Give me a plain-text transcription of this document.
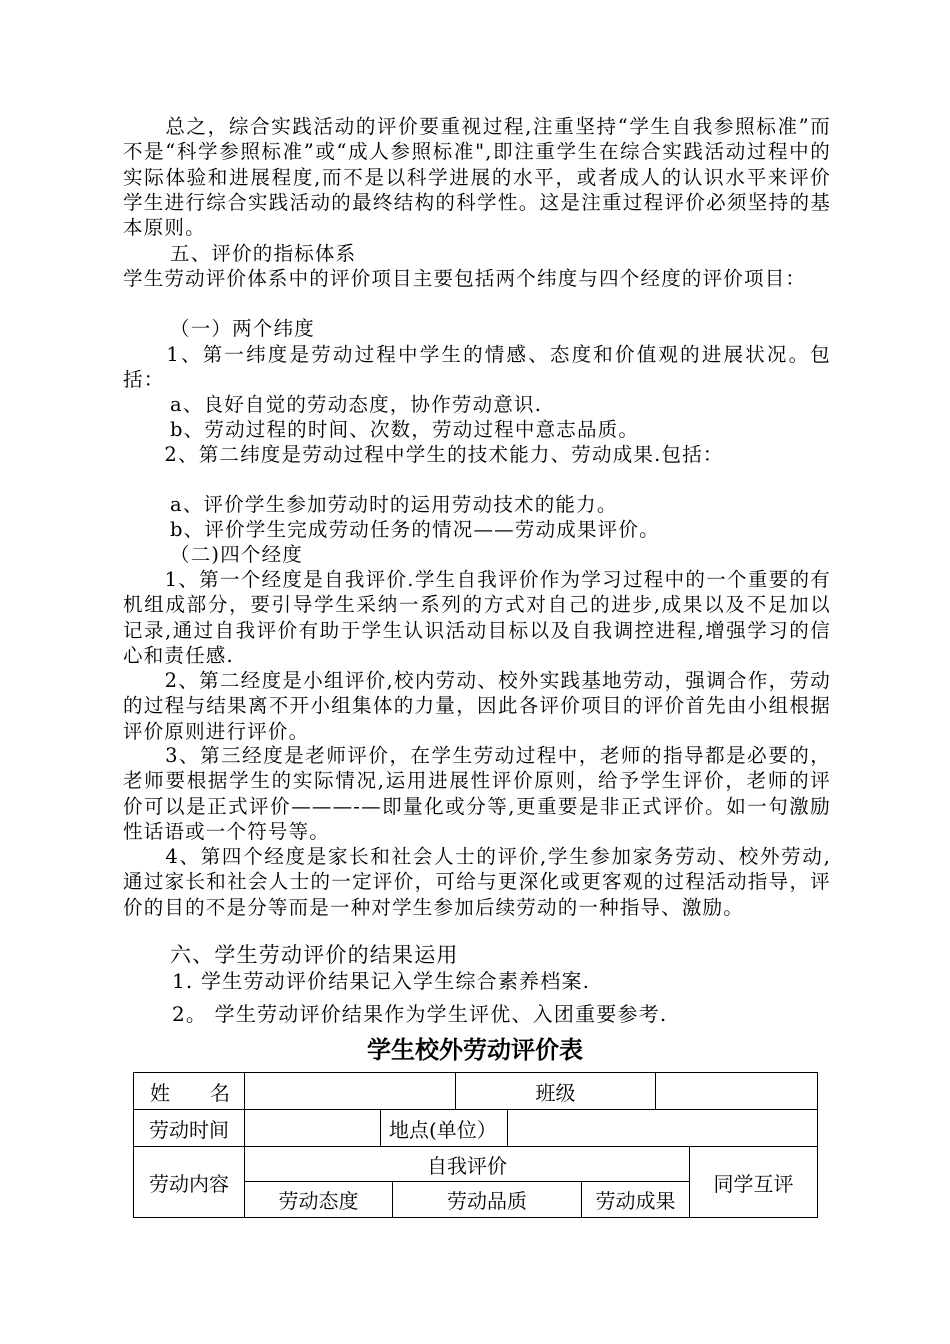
　　总之，综合实践活动的评价要重视过程,注重坚持“学生自我参照标准”而不是“科学参照标准”或“成人参照标准",即注重学生在综合实践活动过程中的实际体验和进展程度,而不是以科学进展的水平，或者成人的认识水平来评价学生进行综合实践活动的最终结构的科学性。这是注重过程评价必须坚持的基本原则。
五、评价的指标体系
学生劳动评价体系中的评价项目主要包括两个纬度与四个经度的评价项目：
（一）两个纬度
　　1、第一纬度是劳动过程中学生的情感、态度和价值观的进展状况。包括：
a、良好自觉的劳动态度，协作劳动意识.
b、劳动过程的时间、次数，劳动过程中意志品质。
　　2、第二纬度是劳动过程中学生的技术能力、劳动成果.包括：
a、评价学生参加劳动时的运用劳动技术的能力。
b、评价学生完成劳动任务的情况——劳动成果评价。
（二)四个经度
　　1、第一个经度是自我评价.学生自我评价作为学习过程中的一个重要的有机组成部分，要引导学生采纳一系列的方式对自己的进步,成果以及不足加以记录,通过自我评价有助于学生认识活动目标以及自我调控进程,增强学习的信心和责任感.
　　2、第二经度是小组评价,校内劳动、校外实践基地劳动，强调合作，劳动的过程与结果离不开小组集体的力量，因此各评价项目的评价首先由小组根据评价原则进行评价。
　　3、第三经度是老师评价，在学生劳动过程中，老师的指导都是必要的，老师要根据学生的实际情况,运用进展性评价原则，给予学生评价，老师的评价可以是正式评价———-—即量化或分等,更重要是非正式评价。如一句激励性话语或一个符号等。
　　4、第四个经度是家长和社会人士的评价,学生参加家务劳动、校外劳动,通过家长和社会人士的一定评价，可给与更深化或更客观的过程活动指导，评价的目的不是分等而是一种对学生参加后续劳动的一种指导、激励。
六、学生劳动评价的结果运用
1. 学生劳动评价结果记入学生综合素养档案.
2。 学生劳动评价结果作为学生评优、入团重要参考.
学生校外劳动评价表
姓　　名				班级				
劳动时间		地点(单位）						
劳动内容	自我评价							同学互评
	劳动态度		劳动品质			劳动成果		
